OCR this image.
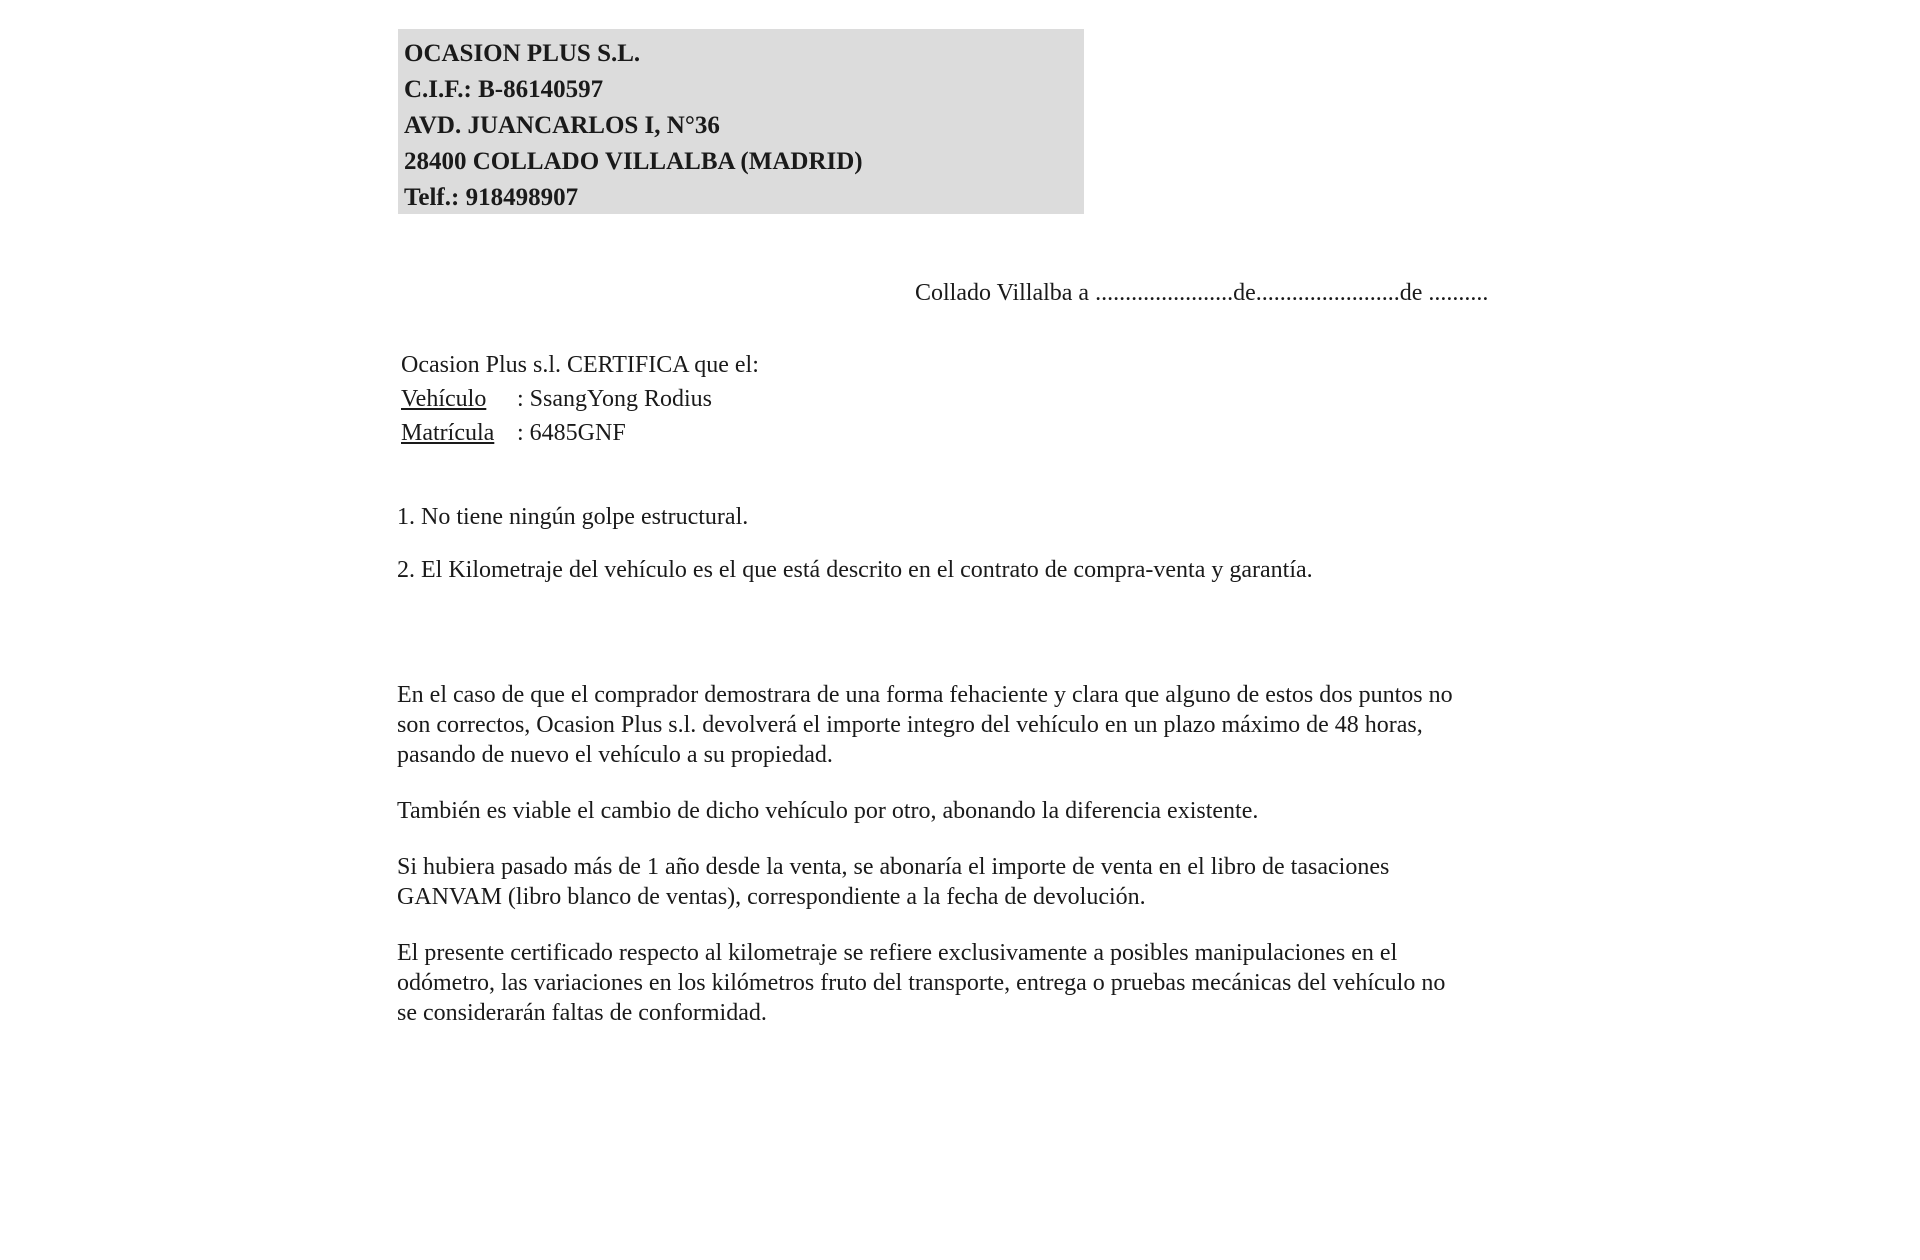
OCASION PLUS S.L.
C.I.F.: B-86140597
AVD. JUANCARLOS I, N°36
28400 COLLADO VILLALBA (MADRID)
Telf.: 918498907
Collado Villalba a .......................de........................de ..........
Ocasion Plus s.l. CERTIFICA que el:
Vehículo : SsangYong Rodius
Matrícula : 6485GNF

1. No tiene ningún golpe estructural.

2. El Kilometraje del vehículo es el que está descrito en el contrato de compra-venta y garantía.

En el caso de que el comprador demostrara de una forma fehaciente y clara que alguno de estos dos puntos no
son correctos, Ocasion Plus s.l. devolverá el importe integro del vehículo en un plazo máximo de 48 horas,
pasando de nuevo el vehículo a su propiedad.

También es viable el cambio de dicho vehículo por otro, abonando la diferencia existente.

Si hubiera pasado más de 1 año desde la venta, se abonaría el importe de venta en el libro de tasaciones
GANVAM (libro blanco de ventas), correspondiente a la fecha de devolución.

El presente certificado respecto al kilometraje se refiere exclusivamente a posibles manipulaciones en el
odómetro, las variaciones en los kilómetros fruto del transporte, entrega o pruebas mecánicas del vehículo no
se considerarán faltas de conformidad.
